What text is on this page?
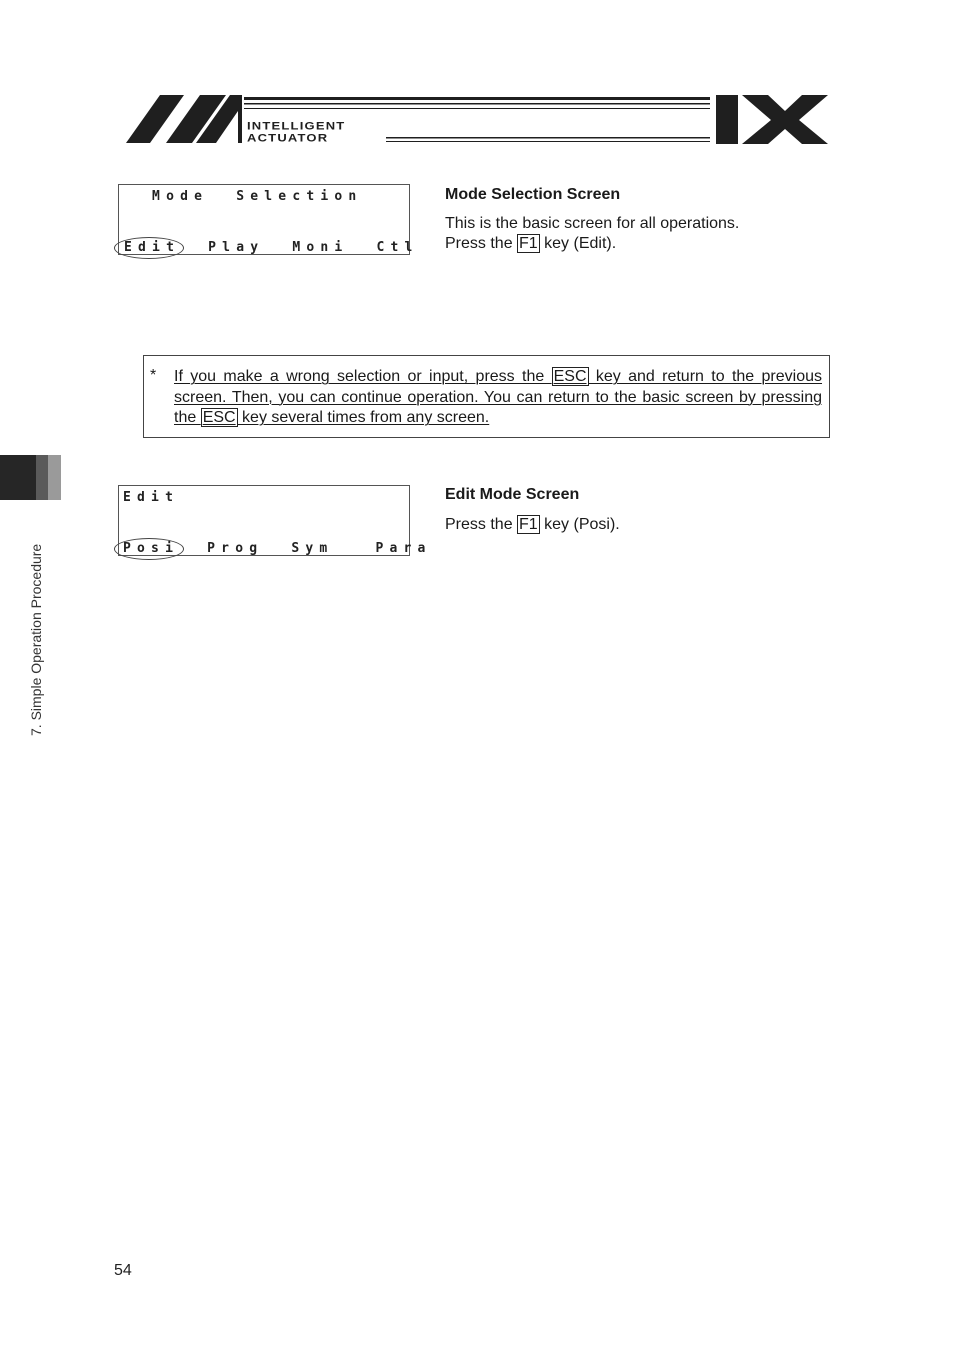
INTELLIGENT
ACTUATOR
Mode  Selection
Edit  Play  Moni  Ctl
Mode Selection Screen
This is the basic screen for all operations.
Press the F1 key (Edit).
* If you make a wrong selection or input, press the ESC key and return to the previous screen. Then, you can continue operation. You can return to the basic screen by pressing the ESC key several times from any screen.
Edit
Posi  Prog  Sym   Para
Edit Mode Screen
Press the F1 key (Posi).
7. Simple Operation Procedure
54
